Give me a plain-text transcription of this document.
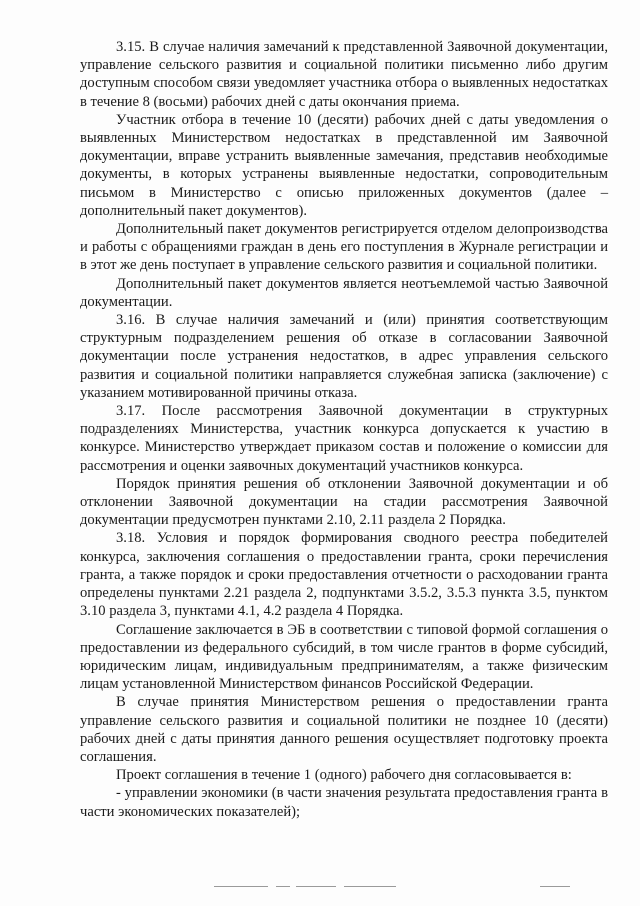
3.15. В случае наличия замечаний к представленной Заявочной документации, управление сельского развития и социальной политики письменно либо другим доступным способом связи уведомляет участника отбора о выявленных недостатках в течение 8 (восьми) рабочих дней с даты окончания приема.

Участник отбора в течение 10 (десяти) рабочих дней с даты уведомления о выявленных Министерством недостатках в представленной им Заявочной документации, вправе устранить выявленные замечания, представив необходимые документы, в которых устранены выявленные недостатки, сопроводительным письмом в Министерство с описью приложенных документов (далее – дополнительный пакет документов).

Дополнительный пакет документов регистрируется отделом делопроизводства и работы с обращениями граждан в день его поступления в Журнале регистрации и в этот же день поступает в управление сельского развития и социальной политики.

Дополнительный пакет документов является неотъемлемой частью Заявочной документации.

3.16. В случае наличия замечаний и (или) принятия соответствующим структурным подразделением решения об отказе в согласовании Заявочной документации после устранения недостатков, в адрес управления сельского развития и социальной политики направляется служебная записка (заключение) с указанием мотивированной причины отказа.

3.17. После рассмотрения Заявочной документации в структурных подразделениях Министерства, участник конкурса допускается к участию в конкурсе. Министерство утверждает приказом состав и положение о комиссии для рассмотрения и оценки заявочных документаций участников конкурса.

Порядок принятия решения об отклонении Заявочной документации и об отклонении Заявочной документации на стадии рассмотрения Заявочной документации предусмотрен пунктами 2.10, 2.11 раздела 2 Порядка.

3.18. Условия и порядок формирования сводного реестра победителей конкурса, заключения соглашения о предоставлении гранта, сроки перечисления гранта, а также порядок и сроки предоставления отчетности о расходовании гранта определены пунктами 2.21 раздела 2, подпунктами 3.5.2, 3.5.3 пункта 3.5, пунктом 3.10 раздела 3, пунктами 4.1, 4.2 раздела 4 Порядка.

Соглашение заключается в ЭБ в соответствии с типовой формой соглашения о предоставлении из федерального субсидий, в том числе грантов в форме субсидий, юридическим лицам, индивидуальным предпринимателям, а также физическим лицам установленной Министерством финансов Российской Федерации.

В случае принятия Министерством решения о предоставлении гранта управление сельского развития и социальной политики не позднее 10 (десяти) рабочих дней с даты принятия данного решения осуществляет подготовку проекта соглашения.

Проект соглашения в течение 1 (одного) рабочего дня согласовывается в:

- управлении экономики (в части значения результата предоставления гранта в части экономических показателей);
